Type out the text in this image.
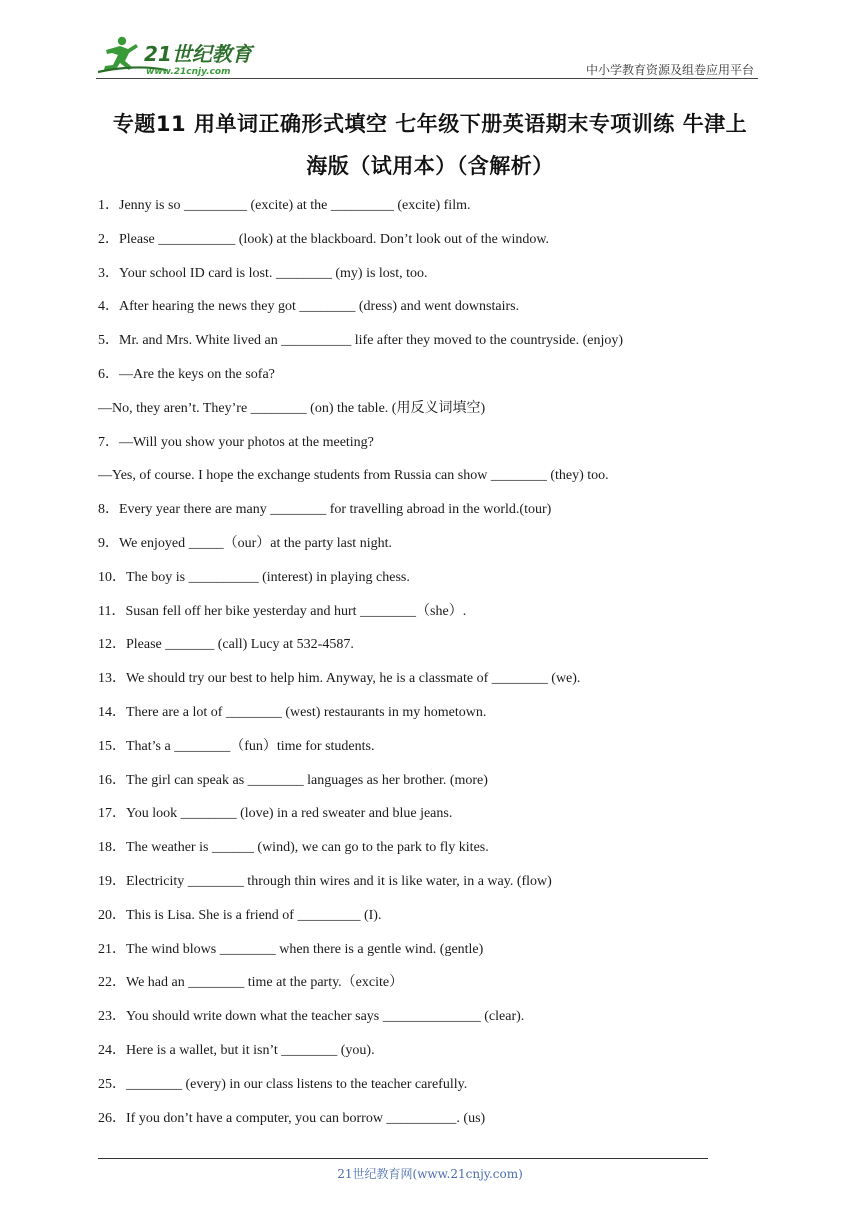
21世纪教育
www.21cnjy.com	中小学教育资源及组卷应用平台
专题11 用单词正确形式填空 七年级下册英语期末专项训练 牛津上
海版（试用本）（含解析）
1．Jenny is so _________ (excite) at the _________ (excite) film.
2．Please ___________ (look) at the blackboard. Don’t look out of the window.
3．Your school ID card is lost. ________ (my) is lost, too.
4．After hearing the news they got ________ (dress) and went downstairs.
5．Mr. and Mrs. White lived an __________ life after they moved to the countryside. (enjoy)
6．—Are the keys on the sofa?
—No, they aren’t. They’re ________ (on) the table. (用反义词填空)
7．—Will you show your photos at the meeting?
—Yes, of course. I hope the exchange students from Russia can show ________ (they) too.
8．Every year there are many ________ for travelling abroad in the world.(tour)
9．We enjoyed _____（our）at the party last night.
10．The boy is __________ (interest) in playing chess.
11．Susan fell off her bike yesterday and hurt ________（she）.
12．Please _______ (call) Lucy at 532-4587.
13．We should try our best to help him. Anyway, he is a classmate of ________ (we).
14．There are a lot of ________ (west) restaurants in my hometown.
15．That’s a ________（fun）time for students.
16．The girl can speak as ________ languages as her brother. (more)
17．You look ________ (love) in a red sweater and blue jeans.
18．The weather is ______ (wind), we can go to the park to fly kites.
19．Electricity ________ through thin wires and it is like water, in a way. (flow)
20．This is Lisa. She is a friend of _________ (I).
21．The wind blows ________ when there is a gentle wind. (gentle)
22．We had an ________ time at the party.（excite）
23．You should write down what the teacher says ______________ (clear).
24．Here is a wallet, but it isn’t ________ (you).
25．________ (every) in our class listens to the teacher carefully.
26．If you don’t have a computer, you can borrow __________. (us)
21世纪教育网(www.21cnjy.com)
